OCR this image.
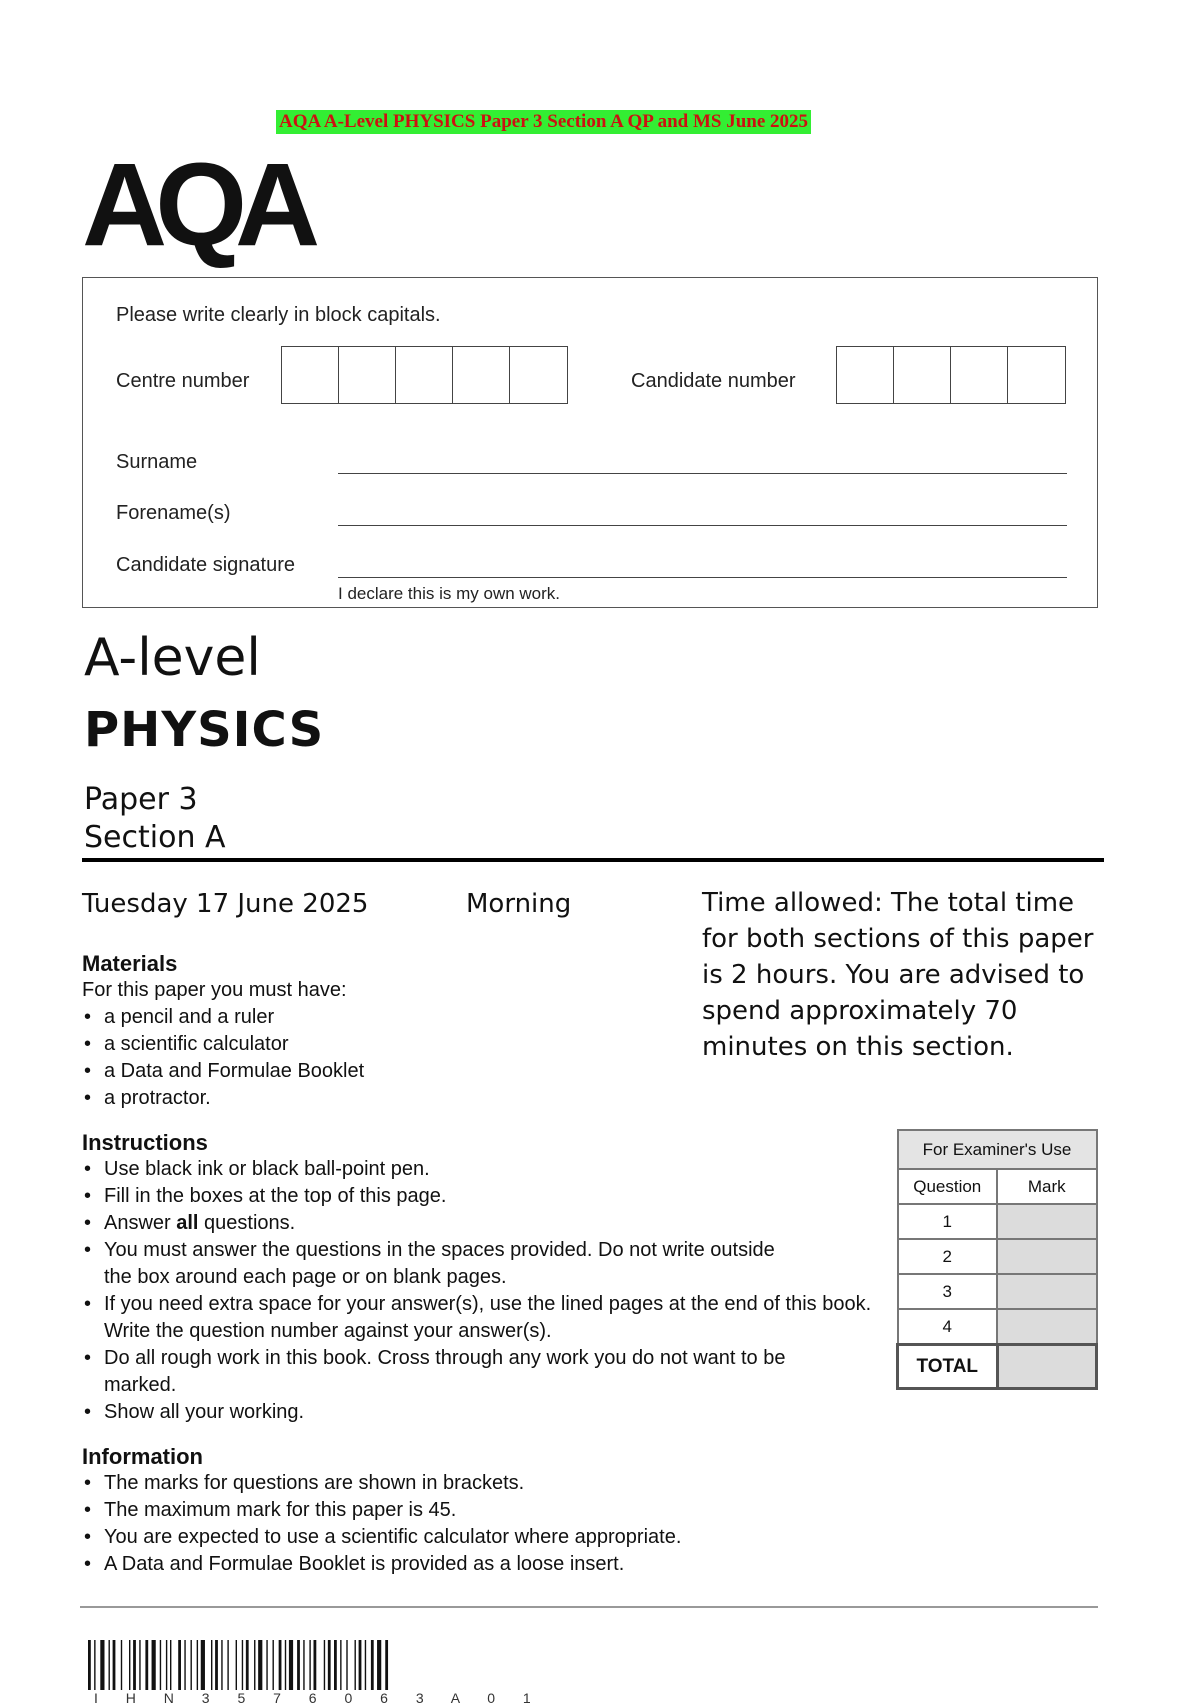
AQA A-Level PHYSICS Paper 3 Section A QP and MS June 2025
AQA
Please write clearly in block capitals.
Centre number	Candidate number
Surname
Forename(s)
Candidate signature
I declare this is my own work.
A-level
PHYSICS
Paper 3
Section A
Tuesday 17 June 2025	Morning	Time allowed: The total time for both sections of this paper is 2 hours. You are advised to spend approximately 70 minutes on this section.
Materials
For this paper you must have:
• a pencil and a ruler
• a scientific calculator
• a Data and Formulae Booklet
• a protractor.
Instructions
• Use black ink or black ball-point pen.
• Fill in the boxes at the top of this page.
• Answer all questions.
• You must answer the questions in the spaces provided. Do not write outside the box around each page or on blank pages.
• If you need extra space for your answer(s), use the lined pages at the end of this book. Write the question number against your answer(s).
• Do all rough work in this book. Cross through any work you do not want to be marked.
• Show all your working.
Information
• The marks for questions are shown in brackets.
• The maximum mark for this paper is 45.
• You are expected to use a scientific calculator where appropriate.
• A Data and Formulae Booklet is provided as a loose insert.
For Examiner's Use	
Question	Mark
1	
2	
3	
4	
TOTAL	
I H N 3 5 7 6 0 6 3 A 0 1
